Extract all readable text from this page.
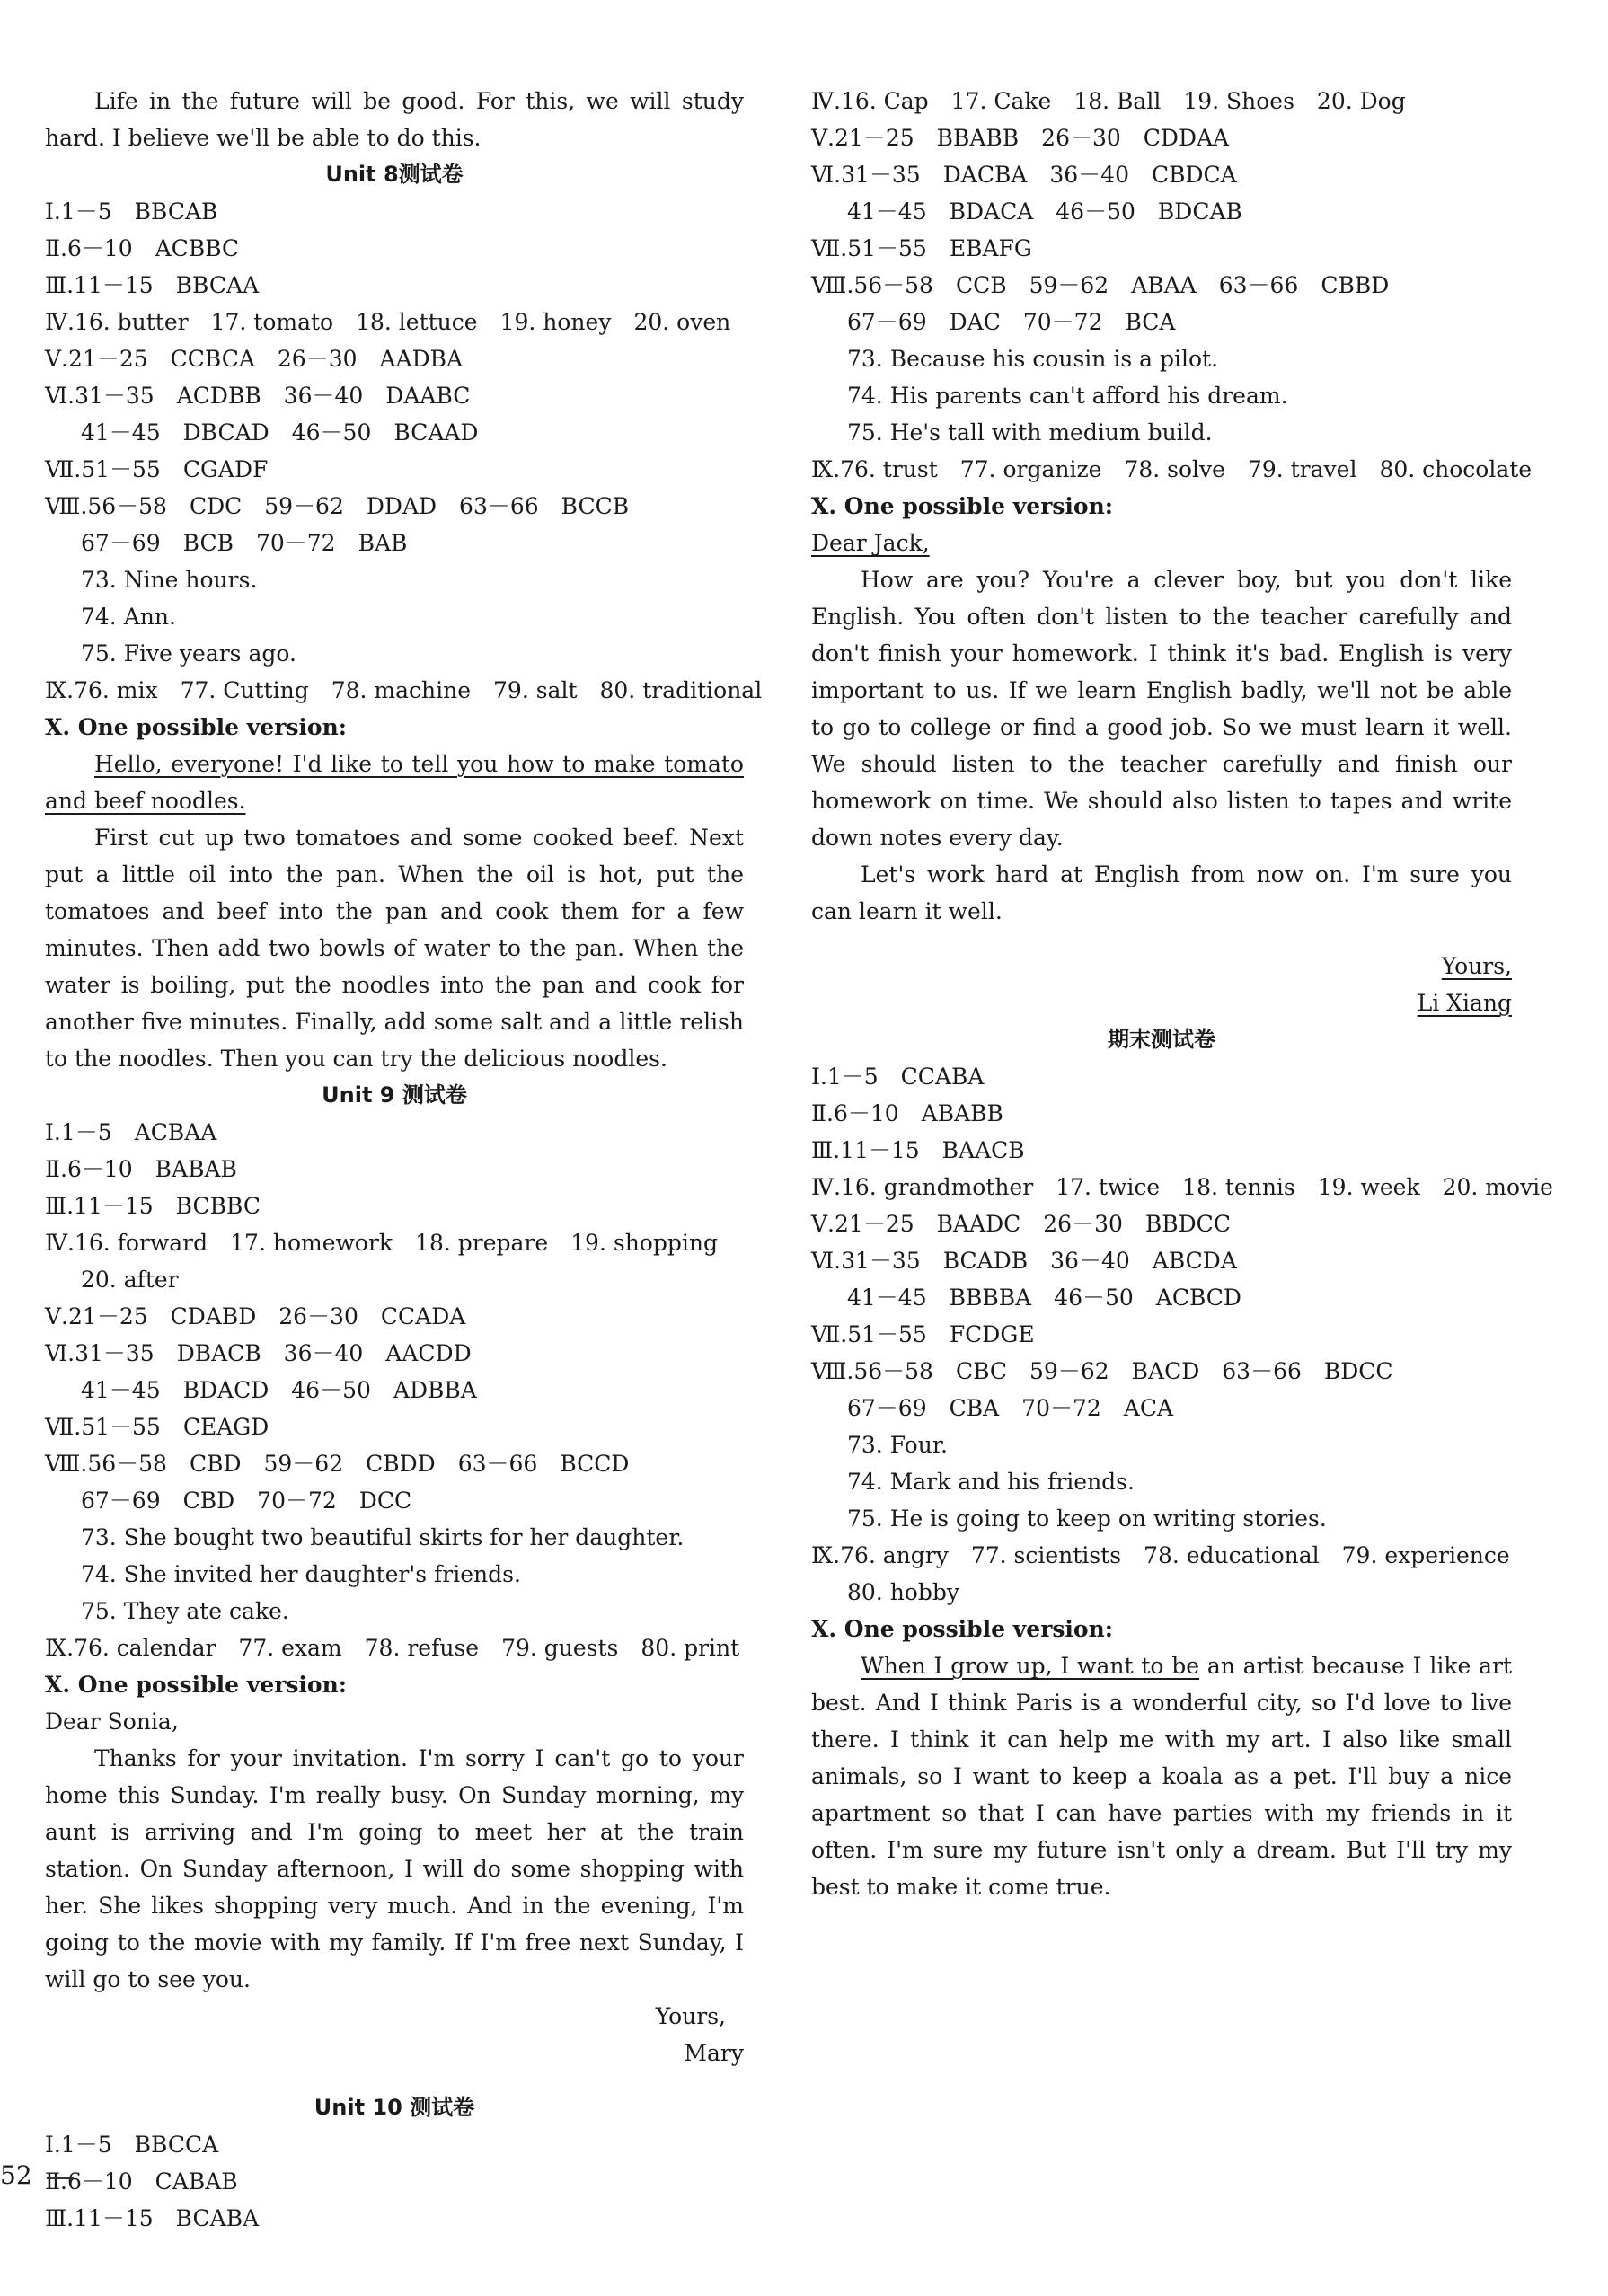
Life in the future will be good. For this, we will study hard. I believe we'll be able to do this.

Unit 8测试卷
Ⅰ.1－5　BBCAB
Ⅱ.6－10　ACBBC
Ⅲ.11－15　BBCAA
Ⅳ.16. butter　17. tomato　18. lettuce　19. honey　20. oven
Ⅴ.21－25　CCBCA　26－30　AADBA
Ⅵ.31－35　ACDBB　36－40　DAABC
41－45　DBCAD　46－50　BCAAD
Ⅶ.51－55　CGADF
Ⅷ.56－58　CDC　59－62　DDAD　63－66　BCCB
67－69　BCB　70－72　BAB
73. Nine hours.
74. Ann.
75. Five years ago.
Ⅸ.76. mix　77. Cutting　78. machine　79. salt　80. traditional
Ⅹ. One possible version:

Hello, everyone! I'd like to tell you how to make tomato and beef noodles.

First cut up two tomatoes and some cooked beef. Next put a little oil into the pan. When the oil is hot, put the tomatoes and beef into the pan and cook them for a few minutes. Then add two bowls of water to the pan. When the water is boiling, put the noodles into the pan and cook for another five minutes. Finally, add some salt and a little relish to the noodles. Then you can try the delicious noodles.

Unit 9 测试卷
Ⅰ.1－5　ACBAA
Ⅱ.6－10　BABAB
Ⅲ.11－15　BCBBC
Ⅳ.16. forward　17. homework　18. prepare　19. shopping
20. after
Ⅴ.21－25　CDABD　26－30　CCADA
Ⅵ.31－35　DBACB　36－40　AACDD
41－45　BDACD　46－50　ADBBA
Ⅶ.51－55　CEAGD
Ⅷ.56－58　CBD　59－62　CBDD　63－66　BCCD
67－69　CBD　70－72　DCC
73. She bought two beautiful skirts for her daughter.
74. She invited her daughter's friends.
75. They ate cake.
Ⅸ.76. calendar　77. exam　78. refuse　79. guests　80. print
Ⅹ. One possible version:
Dear Sonia,

Thanks for your invitation. I'm sorry I can't go to your home this Sunday. I'm really busy. On Sunday morning, my aunt is arriving and I'm going to meet her at the train station. On Sunday afternoon, I will do some shopping with her. She likes shopping very much. And in the evening, I'm going to the movie with my family. If I'm free next Sunday, I will go to see you.

Yours,
Mary
Unit 10 测试卷
Ⅰ.1－5　BBCCA
Ⅱ.6－10　CABAB
Ⅲ.11－15　BCABA
Ⅳ.16. Cap　17. Cake　18. Ball　19. Shoes　20. Dog
Ⅴ.21－25　BBABB　26－30　CDDAA
Ⅵ.31－35　DACBA　36－40　CBDCA
41－45　BDACA　46－50　BDCAB
Ⅶ.51－55　EBAFG
Ⅷ.56－58　CCB　59－62　ABAA　63－66　CBBD
67－69　DAC　70－72　BCA
73. Because his cousin is a pilot.
74. His parents can't afford his dream.
75. He's tall with medium build.
Ⅸ.76. trust　77. organize　78. solve　79. travel　80. chocolate
Ⅹ. One possible version:
Dear Jack,

How are you? You're a clever boy, but you don't like English. You often don't listen to the teacher carefully and don't finish your homework. I think it's bad. English is very important to us. If we learn English badly, we'll not be able to go to college or find a good job. So we must learn it well. We should listen to the teacher carefully and finish our homework on time. We should also listen to tapes and write down notes every day.

Let's work hard at English from now on. I'm sure you can learn it well.

Yours,
Li Xiang
期末测试卷
Ⅰ.1－5　CCABA
Ⅱ.6－10　ABABB
Ⅲ.11－15　BAACB
Ⅳ.16. grandmother　17. twice　18. tennis　19. week　20. movie
Ⅴ.21－25　BAADC　26－30　BBDCC
Ⅵ.31－35　BCADB　36－40　ABCDA
41－45　BBBBA　46－50　ACBCD
Ⅶ.51－55　FCDGE
Ⅷ.56－58　CBC　59－62　BACD　63－66　BDCC
67－69　CBA　70－72　ACA
73. Four.
74. Mark and his friends.
75. He is going to keep on writing stories.
Ⅸ.76. angry　77. scientists　78. educational　79. experience
80. hobby
Ⅹ. One possible version:

When I grow up, I want to be an artist because I like art best. And I think Paris is a wonderful city, so I'd love to live there. I think it can help me with my art. I also like small animals, so I want to keep a koala as a pet. I'll buy a nice apartment so that I can have parties with my friends in it often. I'm sure my future isn't only a dream. But I'll try my best to make it come true.

52
